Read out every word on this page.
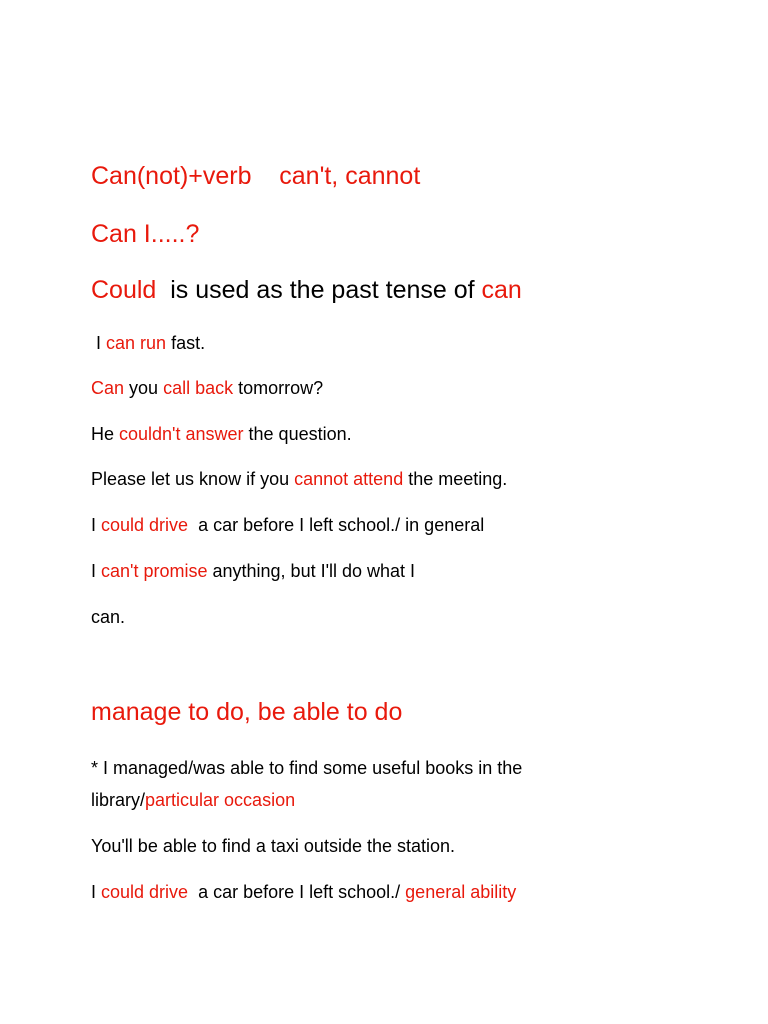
Can(not)+verb    can't, cannot

Can I.....?

Could  is used as the past tense of can

I can run fast.

Can you call back tomorrow?

He couldn't answer the question.

Please let us know if you cannot attend the meeting.

I could drive  a car before I left school./ in general

I can't promise anything, but I'll do what I

can.

manage to do, be able to do

* I managed/was able to find some useful books in the

library/particular occasion

You'll be able to find a taxi outside the station.

I could drive  a car before I left school./ general ability
